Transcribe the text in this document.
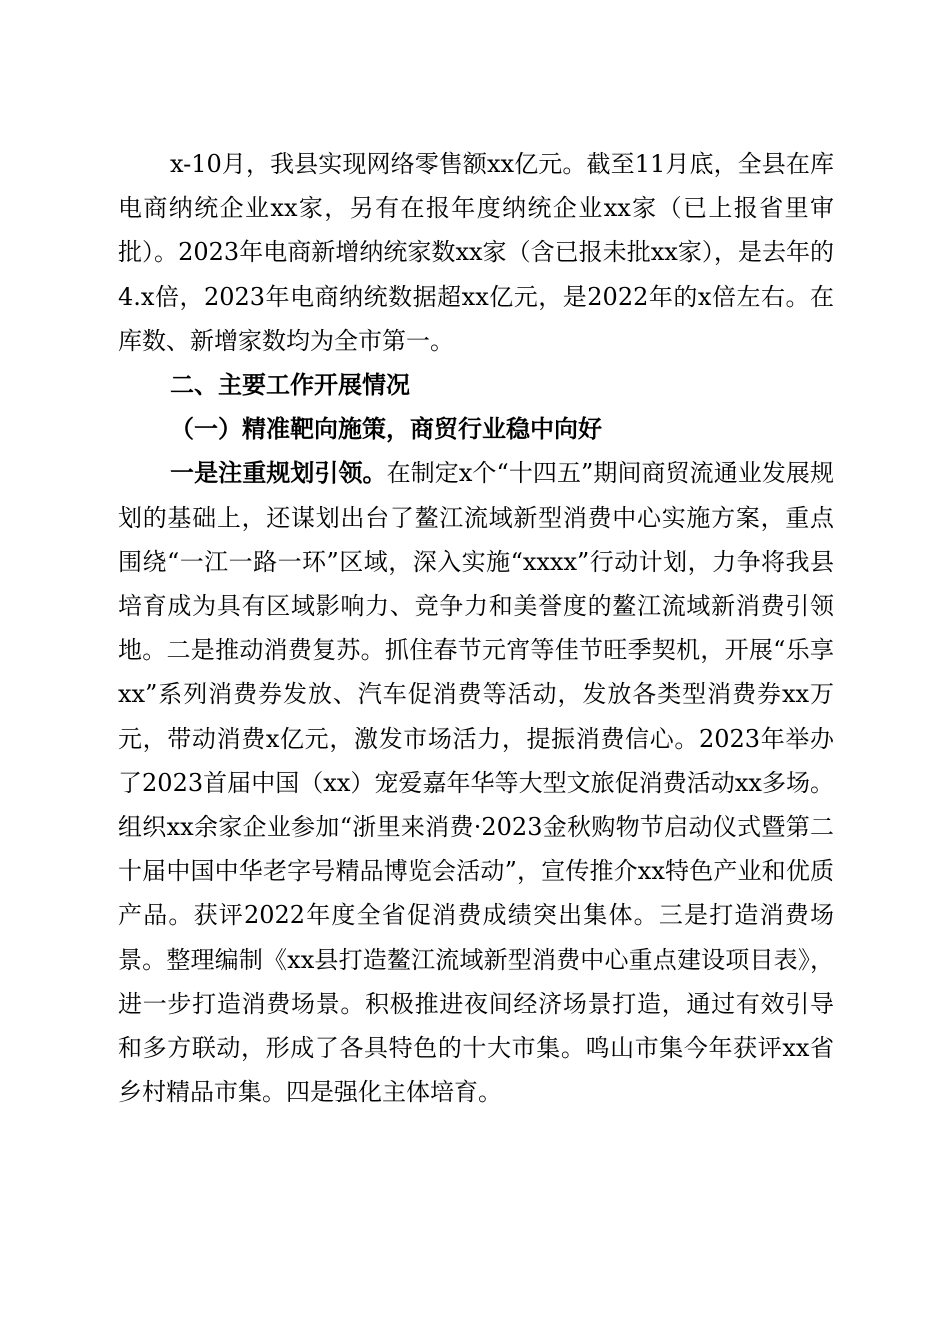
x-10月，我县实现网络零售额xx亿元。截至11月底，全县在库电商纳统企业xx家，另有在报年度纳统企业xx家（已上报省里审批）。2023年电商新增纳统家数xx家（含已报未批xx家），是去年的4.x倍，2023年电商纳统数据超xx亿元，是2022年的x倍左右。在库数、新增家数均为全市第一。

二、主要工作开展情况

（一）精准靶向施策，商贸行业稳中向好

一是注重规划引领。在制定x个“十四五”期间商贸流通业发展规划的基础上，还谋划出台了鳌江流域新型消费中心实施方案，重点围绕“一江一路一环”区域，深入实施“xxxx”行动计划，力争将我县培育成为具有区域影响力、竞争力和美誉度的鳌江流域新消费引领地。二是推动消费复苏。抓住春节元宵等佳节旺季契机，开展“乐享xx”系列消费券发放、汽车促消费等活动，发放各类型消费券xx万元，带动消费x亿元，激发市场活力，提振消费信心。2023年举办了2023首届中国（xx）宠爱嘉年华等大型文旅促消费活动xx多场。组织xx余家企业参加“浙里来消费·2023金秋购物节启动仪式暨第二十届中国中华老字号精品博览会活动”，宣传推介xx特色产业和优质产品。获评2022年度全省促消费成绩突出集体。三是打造消费场景。整理编制《xx县打造鳌江流域新型消费中心重点建设项目表》，进一步打造消费场景。积极推进夜间经济场景打造，通过有效引导和多方联动，形成了各具特色的十大市集。鸣山市集今年获评xx省乡村精品市集。四是强化主体培育。
